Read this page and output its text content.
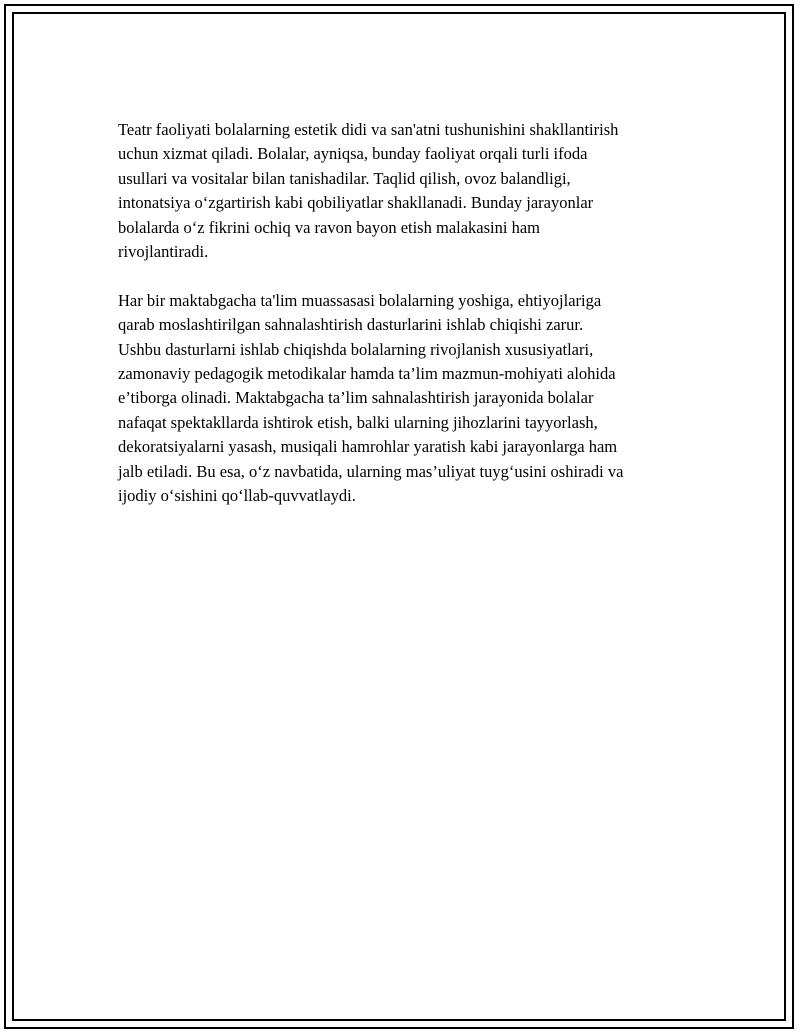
Teatr faoliyati bolalarning estetik didi va san'atni tushunishini shakllantirish
uchun xizmat qiladi. Bolalar, ayniqsa, bunday faoliyat orqali turli ifoda
usullari va vositalar bilan tanishadilar. Taqlid qilish, ovoz balandligi,
intonatsiya o‘zgartirish kabi qobiliyatlar shakllanadi. Bunday jarayonlar
bolalarda o‘z fikrini ochiq va ravon bayon etish malakasini ham
rivojlantiradi.

Har bir maktabgacha ta'lim muassasasi bolalarning yoshiga, ehtiyojlariga
qarab moslashtirilgan sahnalashtirish dasturlarini ishlab chiqishi zarur.
Ushbu dasturlarni ishlab chiqishda bolalarning rivojlanish xususiyatlari,
zamonaviy pedagogik metodikalar hamda ta’lim mazmun-mohiyati alohida
e’tiborga olinadi. Maktabgacha ta’lim sahnalashtirish jarayonida bolalar
nafaqat spektakllarda ishtirok etish, balki ularning jihozlarini tayyorlash,
dekoratsiyalarni yasash, musiqali hamrohlar yaratish kabi jarayonlarga ham
jalb etiladi. Bu esa, o‘z navbatida, ularning mas’uliyat tuyg‘usini oshiradi va
ijodiy o‘sishini qo‘llab-quvvatlaydi.
